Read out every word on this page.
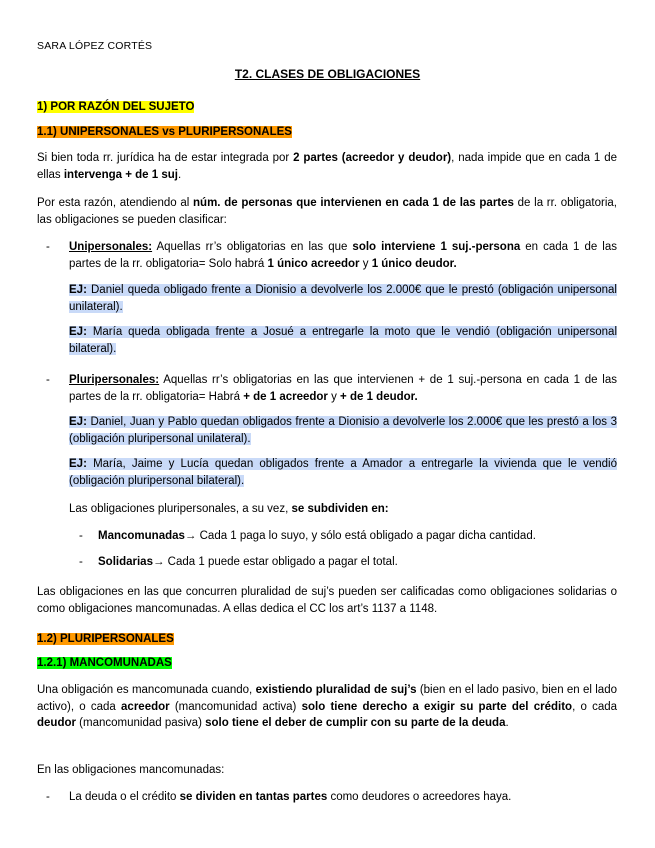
SARA LÓPEZ CORTÉS
T2. CLASES DE OBLIGACIONES
1) POR RAZÓN DEL SUJETO
1.1) UNIPERSONALES vs PLURIPERSONALES
Si bien toda rr. jurídica ha de estar integrada por 2 partes (acreedor y deudor), nada impide que en cada 1 de ellas intervenga + de 1 suj.
Por esta razón, atendiendo al núm. de personas que intervienen en cada 1 de las partes de la rr. obligatoria, las obligaciones se pueden clasificar:
- Unipersonales: Aquellas rr’s obligatorias en las que solo interviene 1 suj.-persona en cada 1 de las partes de la rr. obligatoria= Solo habrá 1 único acreedor y 1 único deudor.
EJ: Daniel queda obligado frente a Dionisio a devolverle los 2.000€ que le prestó (obligación unipersonal unilateral).
EJ: María queda obligada frente a Josué a entregarle la moto que le vendió (obligación unipersonal bilateral).
- Pluripersonales: Aquellas rr’s obligatorias en las que intervienen + de 1 suj.-persona en cada 1 de las partes de la rr. obligatoria= Habrá + de 1 acreedor y + de 1 deudor.
EJ: Daniel, Juan y Pablo quedan obligados frente a Dionisio a devolverle los 2.000€ que les prestó a los 3 (obligación pluripersonal unilateral).
EJ: María, Jaime y Lucía quedan obligados frente a Amador a entregarle la vivienda que le vendió (obligación pluripersonal bilateral).
Las obligaciones pluripersonales, a su vez, se subdividen en:
- Mancomunadas→ Cada 1 paga lo suyo, y sólo está obligado a pagar dicha cantidad.
- Solidarias→ Cada 1 puede estar obligado a pagar el total.
Las obligaciones en las que concurren pluralidad de suj’s pueden ser calificadas como obligaciones solidarias o como obligaciones mancomunadas. A ellas dedica el CC los art’s 1137 a 1148.
1.2) PLURIPERSONALES
1.2.1) MANCOMUNADAS
Una obligación es mancomunada cuando, existiendo pluralidad de suj’s (bien en el lado pasivo, bien en el lado activo), o cada acreedor (mancomunidad activa) solo tiene derecho a exigir su parte del crédito, o cada deudor (mancomunidad pasiva) solo tiene el deber de cumplir con su parte de la deuda.
En las obligaciones mancomunadas:
- La deuda o el crédito se dividen en tantas partes como deudores o acreedores haya.
